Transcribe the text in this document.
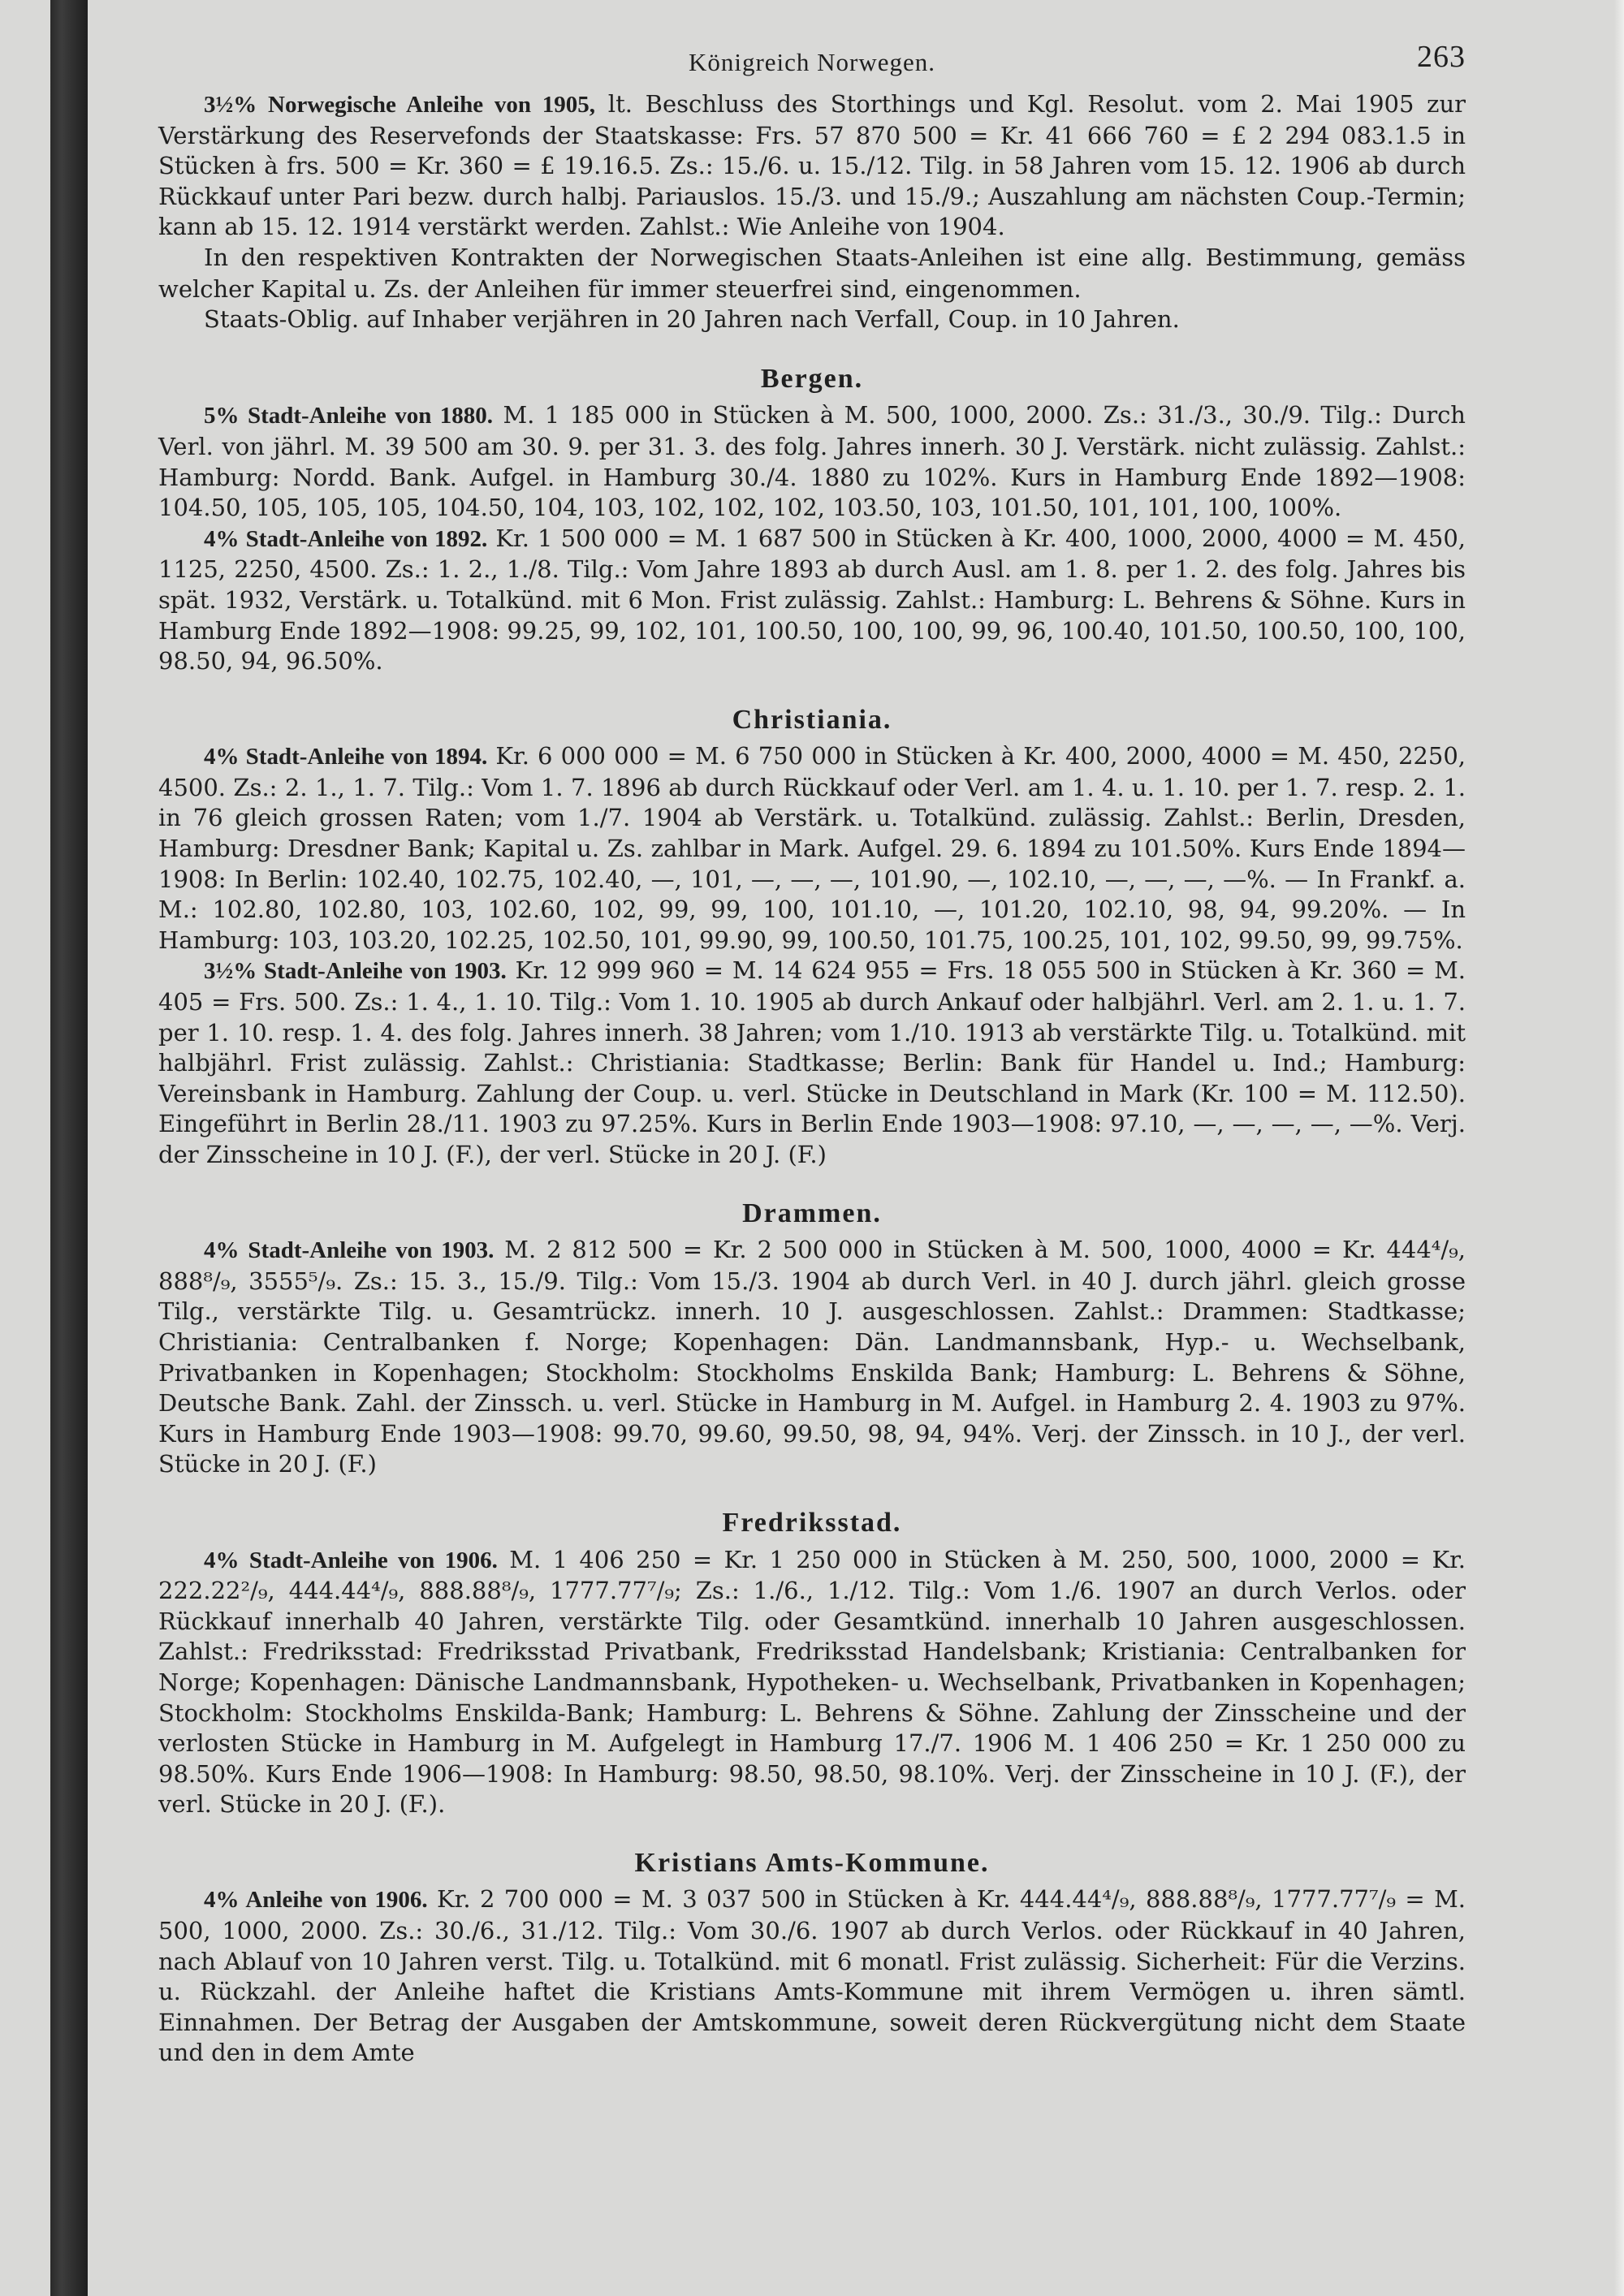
Königreich Norwegen.	263

3½% Norwegische Anleihe von 1905, lt. Beschluss des Storthings und Kgl. Resolut. vom 2. Mai 1905 zur Verstärkung des Reservefonds der Staatskasse: Frs. 57 870 500 = Kr. 41 666 760 = £ 2 294 083.1.5 in Stücken à frs. 500 = Kr. 360 = £ 19.16.5. Zs.: 15./6. u. 15./12. Tilg. in 58 Jahren vom 15. 12. 1906 ab durch Rückkauf unter Pari bezw. durch halbj. Pariauslos. 15./3. und 15./9.; Auszahlung am nächsten Coup.-Termin; kann ab 15. 12. 1914 verstärkt werden. Zahlst.: Wie Anleihe von 1904.

In den respektiven Kontrakten der Norwegischen Staats-Anleihen ist eine allg. Bestimmung, gemäss welcher Kapital u. Zs. der Anleihen für immer steuerfrei sind, eingenommen.

Staats-Oblig. auf Inhaber verjähren in 20 Jahren nach Verfall, Coup. in 10 Jahren.

Bergen.

5% Stadt-Anleihe von 1880. M. 1 185 000 in Stücken à M. 500, 1000, 2000. Zs.: 31./3., 30./9. Tilg.: Durch Verl. von jährl. M. 39 500 am 30. 9. per 31. 3. des folg. Jahres innerh. 30 J. Verstärk. nicht zulässig. Zahlst.: Hamburg: Nordd. Bank. Aufgel. in Hamburg 30./4. 1880 zu 102%. Kurs in Hamburg Ende 1892—1908: 104.50, 105, 105, 105, 104.50, 104, 103, 102, 102, 102, 103.50, 103, 101.50, 101, 101, 100, 100%.

4% Stadt-Anleihe von 1892. Kr. 1 500 000 = M. 1 687 500 in Stücken à Kr. 400, 1000, 2000, 4000 = M. 450, 1125, 2250, 4500. Zs.: 1. 2., 1./8. Tilg.: Vom Jahre 1893 ab durch Ausl. am 1. 8. per 1. 2. des folg. Jahres bis spät. 1932, Verstärk. u. Totalkünd. mit 6 Mon. Frist zulässig. Zahlst.: Hamburg: L. Behrens & Söhne. Kurs in Hamburg Ende 1892—1908: 99.25, 99, 102, 101, 100.50, 100, 100, 99, 96, 100.40, 101.50, 100.50, 100, 100, 98.50, 94, 96.50%.

Christiania.

4% Stadt-Anleihe von 1894. Kr. 6 000 000 = M. 6 750 000 in Stücken à Kr. 400, 2000, 4000 = M. 450, 2250, 4500. Zs.: 2. 1., 1. 7. Tilg.: Vom 1. 7. 1896 ab durch Rückkauf oder Verl. am 1. 4. u. 1. 10. per 1. 7. resp. 2. 1. in 76 gleich grossen Raten; vom 1./7. 1904 ab Verstärk. u. Totalkünd. zulässig. Zahlst.: Berlin, Dresden, Hamburg: Dresdner Bank; Kapital u. Zs. zahlbar in Mark. Aufgel. 29. 6. 1894 zu 101.50%. Kurs Ende 1894—1908: In Berlin: 102.40, 102.75, 102.40, —, 101, —, —, —, 101.90, —, 102.10, —, —, —, —%. — In Frankf. a. M.: 102.80, 102.80, 103, 102.60, 102, 99, 99, 100, 101.10, —, 101.20, 102.10, 98, 94, 99.20%. — In Hamburg: 103, 103.20, 102.25, 102.50, 101, 99.90, 99, 100.50, 101.75, 100.25, 101, 102, 99.50, 99, 99.75%.

3½% Stadt-Anleihe von 1903. Kr. 12 999 960 = M. 14 624 955 = Frs. 18 055 500 in Stücken à Kr. 360 = M. 405 = Frs. 500. Zs.: 1. 4., 1. 10. Tilg.: Vom 1. 10. 1905 ab durch Ankauf oder halbjährl. Verl. am 2. 1. u. 1. 7. per 1. 10. resp. 1. 4. des folg. Jahres innerh. 38 Jahren; vom 1./10. 1913 ab verstärkte Tilg. u. Totalkünd. mit halbjährl. Frist zulässig. Zahlst.: Christiania: Stadtkasse; Berlin: Bank für Handel u. Ind.; Hamburg: Vereinsbank in Hamburg. Zahlung der Coup. u. verl. Stücke in Deutschland in Mark (Kr. 100 = M. 112.50). Eingeführt in Berlin 28./11. 1903 zu 97.25%. Kurs in Berlin Ende 1903—1908: 97.10, —, —, —, —, —%. Verj. der Zinsscheine in 10 J. (F.), der verl. Stücke in 20 J. (F.)

Drammen.

4% Stadt-Anleihe von 1903. M. 2 812 500 = Kr. 2 500 000 in Stücken à M. 500, 1000, 4000 = Kr. 444⁴/₉, 888⁸/₉, 3555⁵/₉. Zs.: 15. 3., 15./9. Tilg.: Vom 15./3. 1904 ab durch Verl. in 40 J. durch jährl. gleich grosse Tilg., verstärkte Tilg. u. Gesamtrückz. innerh. 10 J. ausgeschlossen. Zahlst.: Drammen: Stadtkasse; Christiania: Centralbanken f. Norge; Kopenhagen: Dän. Landmannsbank, Hyp.- u. Wechselbank, Privatbanken in Kopenhagen; Stockholm: Stockholms Enskilda Bank; Hamburg: L. Behrens & Söhne, Deutsche Bank. Zahl. der Zinssch. u. verl. Stücke in Hamburg in M. Aufgel. in Hamburg 2. 4. 1903 zu 97%. Kurs in Hamburg Ende 1903—1908: 99.70, 99.60, 99.50, 98, 94, 94%. Verj. der Zinssch. in 10 J., der verl. Stücke in 20 J. (F.)

Fredriksstad.

4% Stadt-Anleihe von 1906. M. 1 406 250 = Kr. 1 250 000 in Stücken à M. 250, 500, 1000, 2000 = Kr. 222.22²/₉, 444.44⁴/₉, 888.88⁸/₉, 1777.77⁷/₉; Zs.: 1./6., 1./12. Tilg.: Vom 1./6. 1907 an durch Verlos. oder Rückkauf innerhalb 40 Jahren, verstärkte Tilg. oder Gesamtkünd. innerhalb 10 Jahren ausgeschlossen. Zahlst.: Fredriksstad: Fredriksstad Privatbank, Fredriksstad Handelsbank; Kristiania: Centralbanken for Norge; Kopenhagen: Dänische Landmannsbank, Hypotheken- u. Wechselbank, Privatbanken in Kopenhagen; Stockholm: Stockholms Enskilda-Bank; Hamburg: L. Behrens & Söhne. Zahlung der Zinsscheine und der verlosten Stücke in Hamburg in M. Aufgelegt in Hamburg 17./7. 1906 M. 1 406 250 = Kr. 1 250 000 zu 98.50%. Kurs Ende 1906—1908: In Hamburg: 98.50, 98.50, 98.10%. Verj. der Zinsscheine in 10 J. (F.), der verl. Stücke in 20 J. (F.).

Kristians Amts-Kommune.

4% Anleihe von 1906. Kr. 2 700 000 = M. 3 037 500 in Stücken à Kr. 444.44⁴/₉, 888.88⁸/₉, 1777.77⁷/₉ = M. 500, 1000, 2000. Zs.: 30./6., 31./12. Tilg.: Vom 30./6. 1907 ab durch Verlos. oder Rückkauf in 40 Jahren, nach Ablauf von 10 Jahren verst. Tilg. u. Totalkünd. mit 6 monatl. Frist zulässig. Sicherheit: Für die Verzins. u. Rückzahl. der Anleihe haftet die Kristians Amts-Kommune mit ihrem Vermögen u. ihren sämtl. Einnahmen. Der Betrag der Ausgaben der Amtskommune, soweit deren Rückvergütung nicht dem Staate und den in dem Amte
